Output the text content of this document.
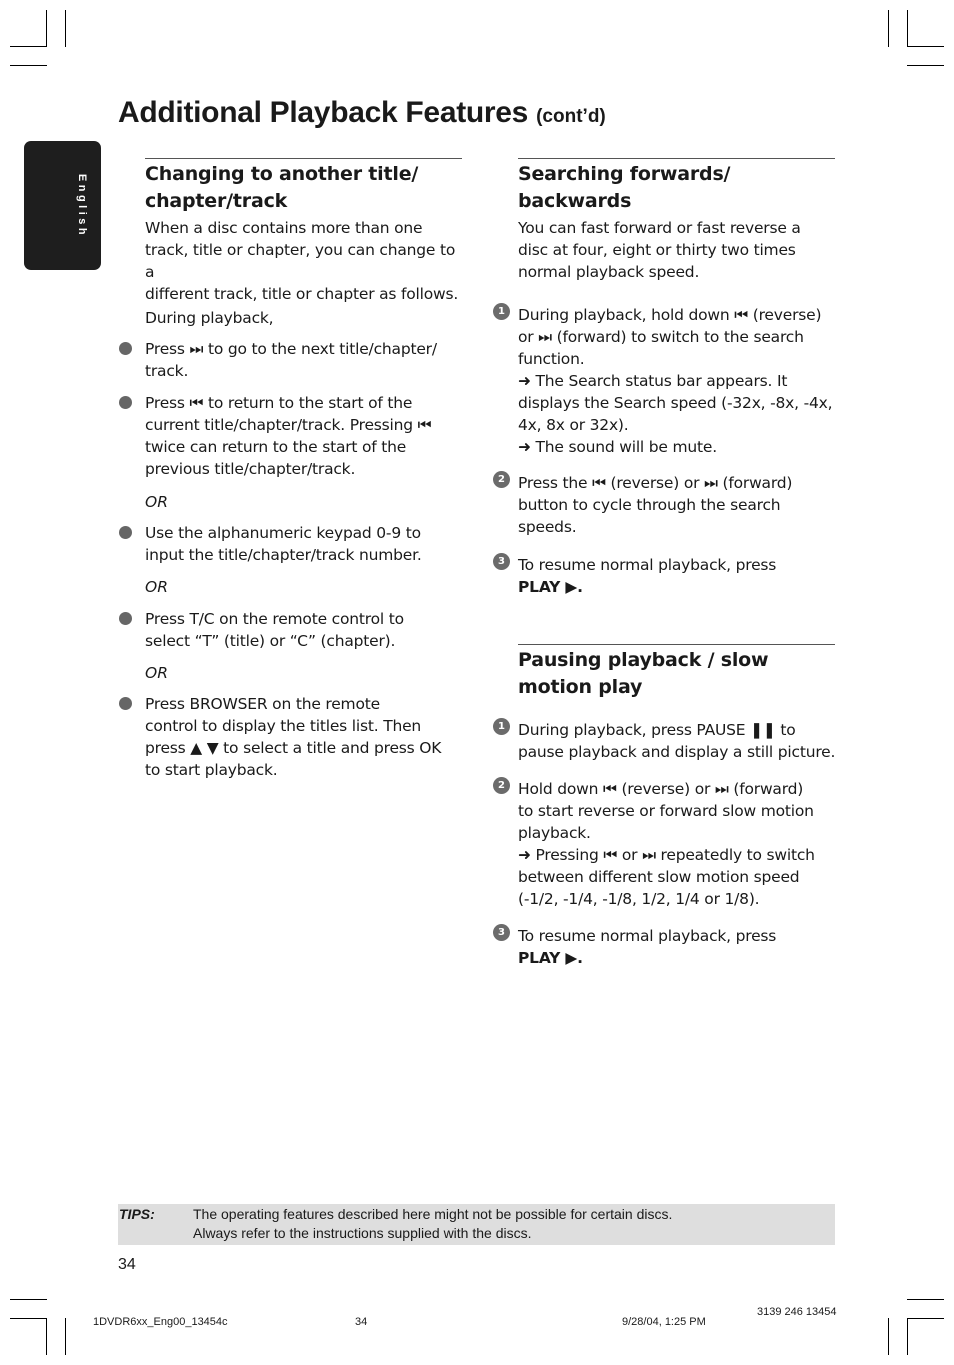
English
Additional Playback Features (cont’d)
Changing to another title/
chapter/track
When a disc contains more than one
track, title or chapter, you can change to a
different track, title or chapter as follows.
During playback,
Press ⏭ to go to the next title/chapter/
track.
Press ⏮ to return to the start of the
current title/chapter/track. Pressing ⏮
twice can return to the start of the
previous title/chapter/track.
OR
Use the alphanumeric keypad 0-9 to
input the title/chapter/track number.
OR
Press T/C on the remote control to
select “T” (title) or “C” (chapter).
OR
Press BROWSER on the remote
control to display the titles list. Then
press ▲ ▼ to select a title and press OK
to start playback.
Searching forwards/
backwards
You can fast forward or fast reverse a
disc at four, eight or thirty two times
normal playback speed.
1 During playback, hold down ⏮ (reverse)
or ⏭ (forward) to switch to the search
function.
➜ The Search status bar appears. It
displays the Search speed (-32x, -8x, -4x,
4x, 8x or 32x).
➜ The sound will be mute.
2 Press the ⏮ (reverse) or ⏭ (forward)
button to cycle through the search
speeds.
3 To resume normal playback, press
PLAY ▶.
Pausing playback / slow
motion play
1 During playback, press PAUSE ❚❚ to
pause playback and display a still picture.
2 Hold down ⏮ (reverse) or ⏭ (forward)
to start reverse or forward slow motion
playback.
➜ Pressing ⏮ or ⏭ repeatedly to switch
between different slow motion speed
(-1/2, -1/4, -1/8, 1/2, 1/4 or 1/8).
3 To resume normal playback, press
PLAY ▶.
TIPS:	The operating features described here might not be possible for certain discs.
Always refer to the instructions supplied with the discs.
34
1DVDR6xx_Eng00_13454c	34	9/28/04, 1:25 PM
3139 246 13454
